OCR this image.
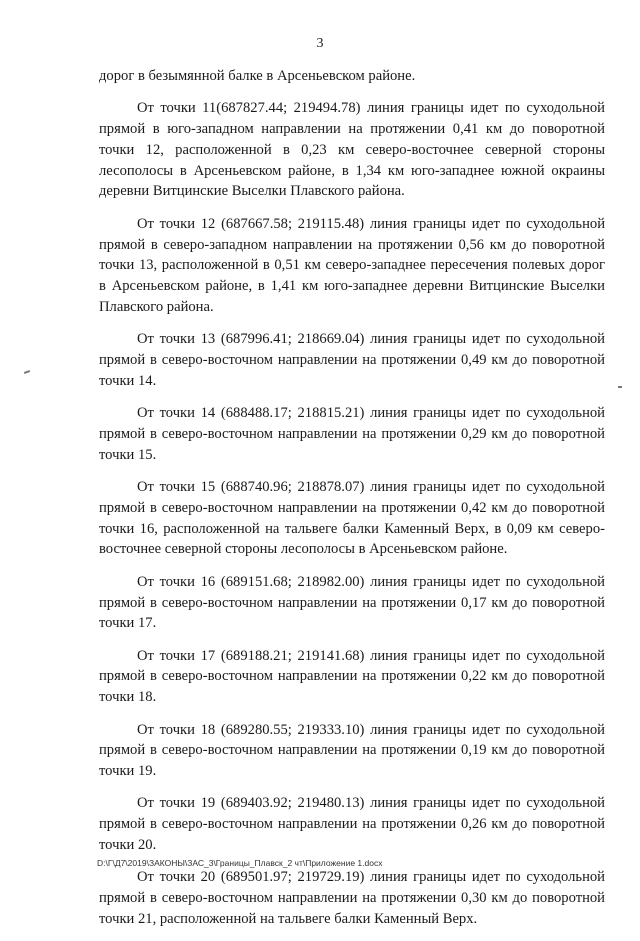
3

дорог в безымянной балке в Арсеньевском районе.

От точки 11(687827.44; 219494.78) линия границы идет по суходольной прямой в юго-западном направлении на протяжении 0,41 км до поворотной точки 12, расположенной в 0,23 км северо-восточнее северной стороны лесополосы в Арсеньевском районе, в 1,34 км юго-западнее южной окраины деревни Витцинские Выселки Плавского района.

От точки 12 (687667.58; 219115.48) линия границы идет по суходольной прямой в северо-западном направлении на протяжении 0,56 км до поворотной точки 13, расположенной в 0,51 км северо-западнее пересечения полевых дорог в Арсеньевском районе, в 1,41 км юго-западнее деревни Витцинские Выселки Плавского района.

От точки 13 (687996.41; 218669.04) линия границы идет по суходольной прямой в северо-восточном направлении на протяжении 0,49 км до поворотной точки 14.

От точки 14 (688488.17; 218815.21) линия границы идет по суходольной прямой в северо-восточном направлении на протяжении 0,29 км до поворотной точки 15.

От точки 15 (688740.96; 218878.07) линия границы идет по суходольной прямой в северо-восточном направлении на протяжении 0,42 км до поворотной точки 16, расположенной на тальвеге балки Каменный Верх, в 0,09 км северо-восточнее северной стороны лесополосы в Арсеньевском районе.

От точки 16 (689151.68; 218982.00) линия границы идет по суходольной прямой в северо-восточном направлении на протяжении 0,17 км до поворотной точки 17.

От точки 17 (689188.21; 219141.68) линия границы идет по суходольной прямой в северо-восточном направлении на протяжении 0,22 км до поворотной точки 18.

От точки 18 (689280.55; 219333.10) линия границы идет по суходольной прямой в северо-восточном направлении на протяжении 0,19 км до поворотной точки 19.

От точки 19 (689403.92; 219480.13) линия границы идет по суходольной прямой в северо-восточном направлении на протяжении 0,26 км до поворотной точки 20.

От точки 20 (689501.97; 219729.19) линия границы идет по суходольной прямой в северо-восточном направлении на протяжении 0,30 км до поворотной точки 21, расположенной на тальвеге балки Каменный Верх.

D:\Г\Д7\2019\ЗАКОНЫ\ЗАС_3\Границы_Плавск_2 чт\Приложение 1.docx
